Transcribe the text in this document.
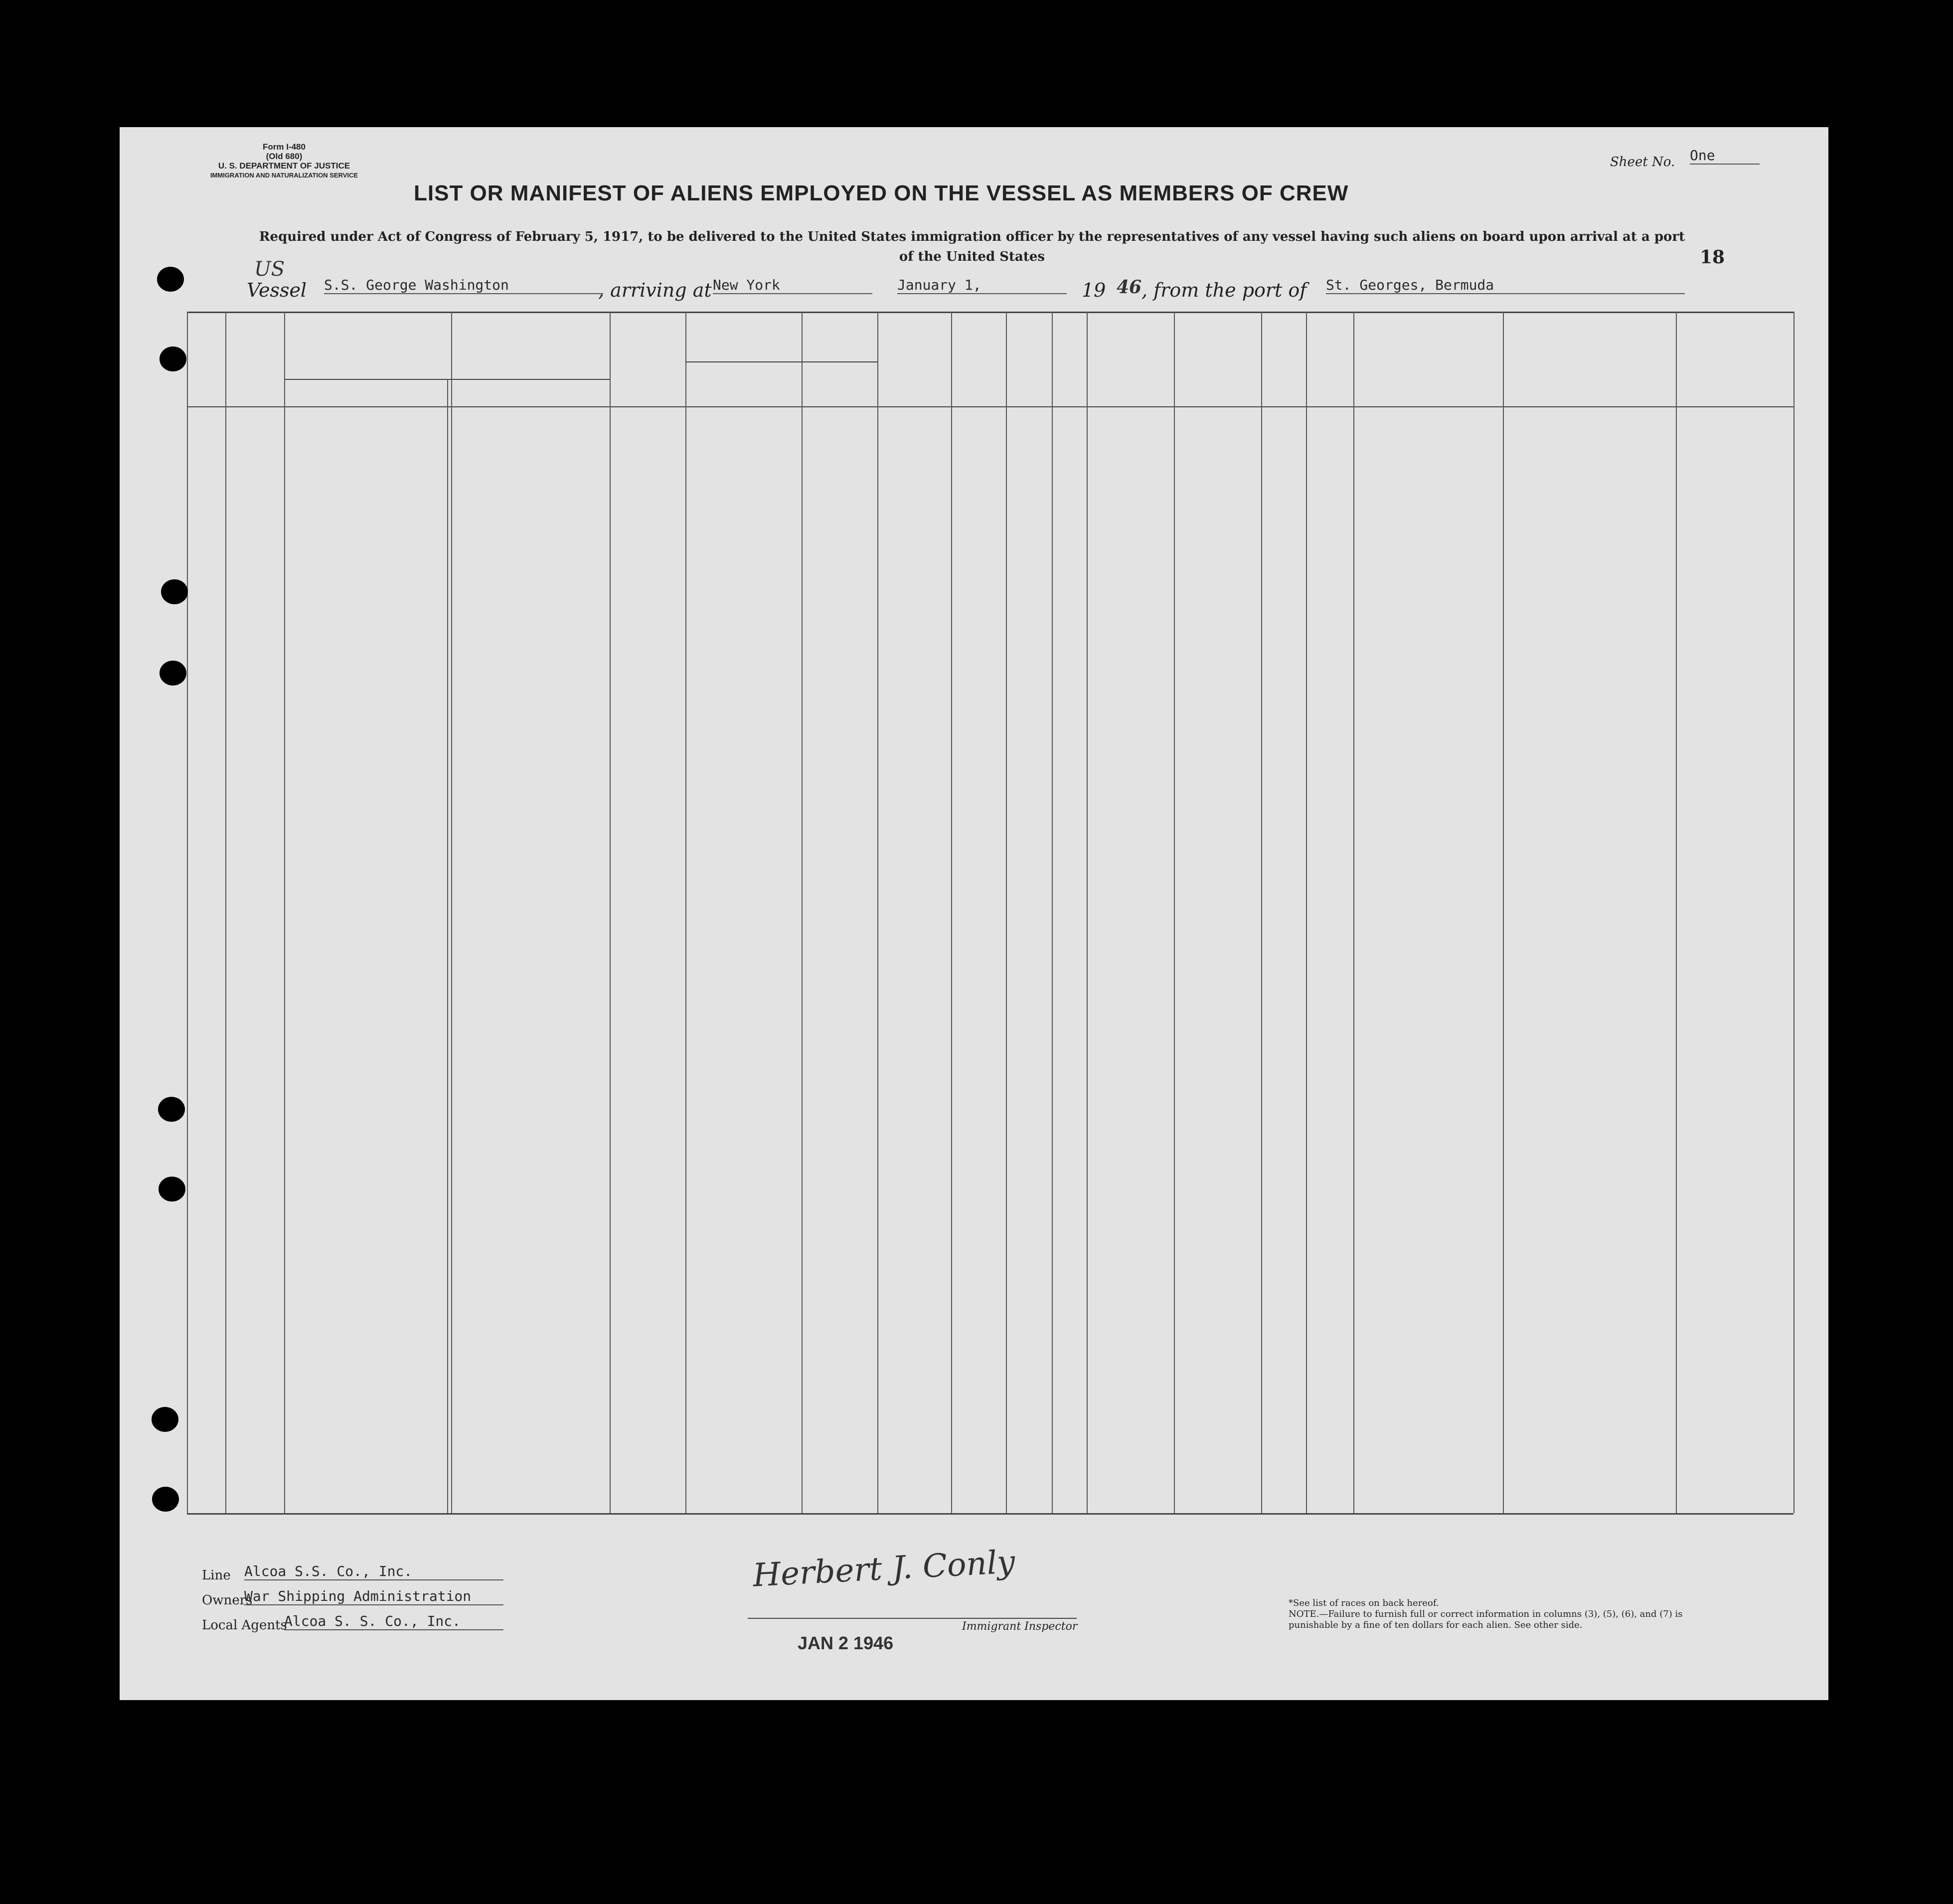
Form I-480
(Old 680)
U. S. DEPARTMENT OF JUSTICE
IMMIGRATION AND NATURALIZATION SERVICE
Sheet No. One
LIST OR MANIFEST OF ALIENS EMPLOYED ON THE VESSEL AS MEMBERS OF CREW
Required under Act of Congress of February 5, 1917, to be delivered to the United States immigration officer by the representatives of any vessel having such aliens on board upon arrival at a port of the United States	18
US
Vessel S.S. George Washington	, arriving at New York	January 1,	19 46 , from the port of St. Georges, Bermuda
Line Alcoa S.S. Co., Inc.
Owners
War Shipping Administration
Local Agents
Alcoa S. S. Co., Inc.
Herbert J. Conly
Immigrant Inspector
JAN 2 1946
*See list of races on back hereof.
NOTE.—Failure to furnish full or correct information in columns (3), (5), (6), and (7) is punishable by a fine of ten dollars for each alien. See other side.
